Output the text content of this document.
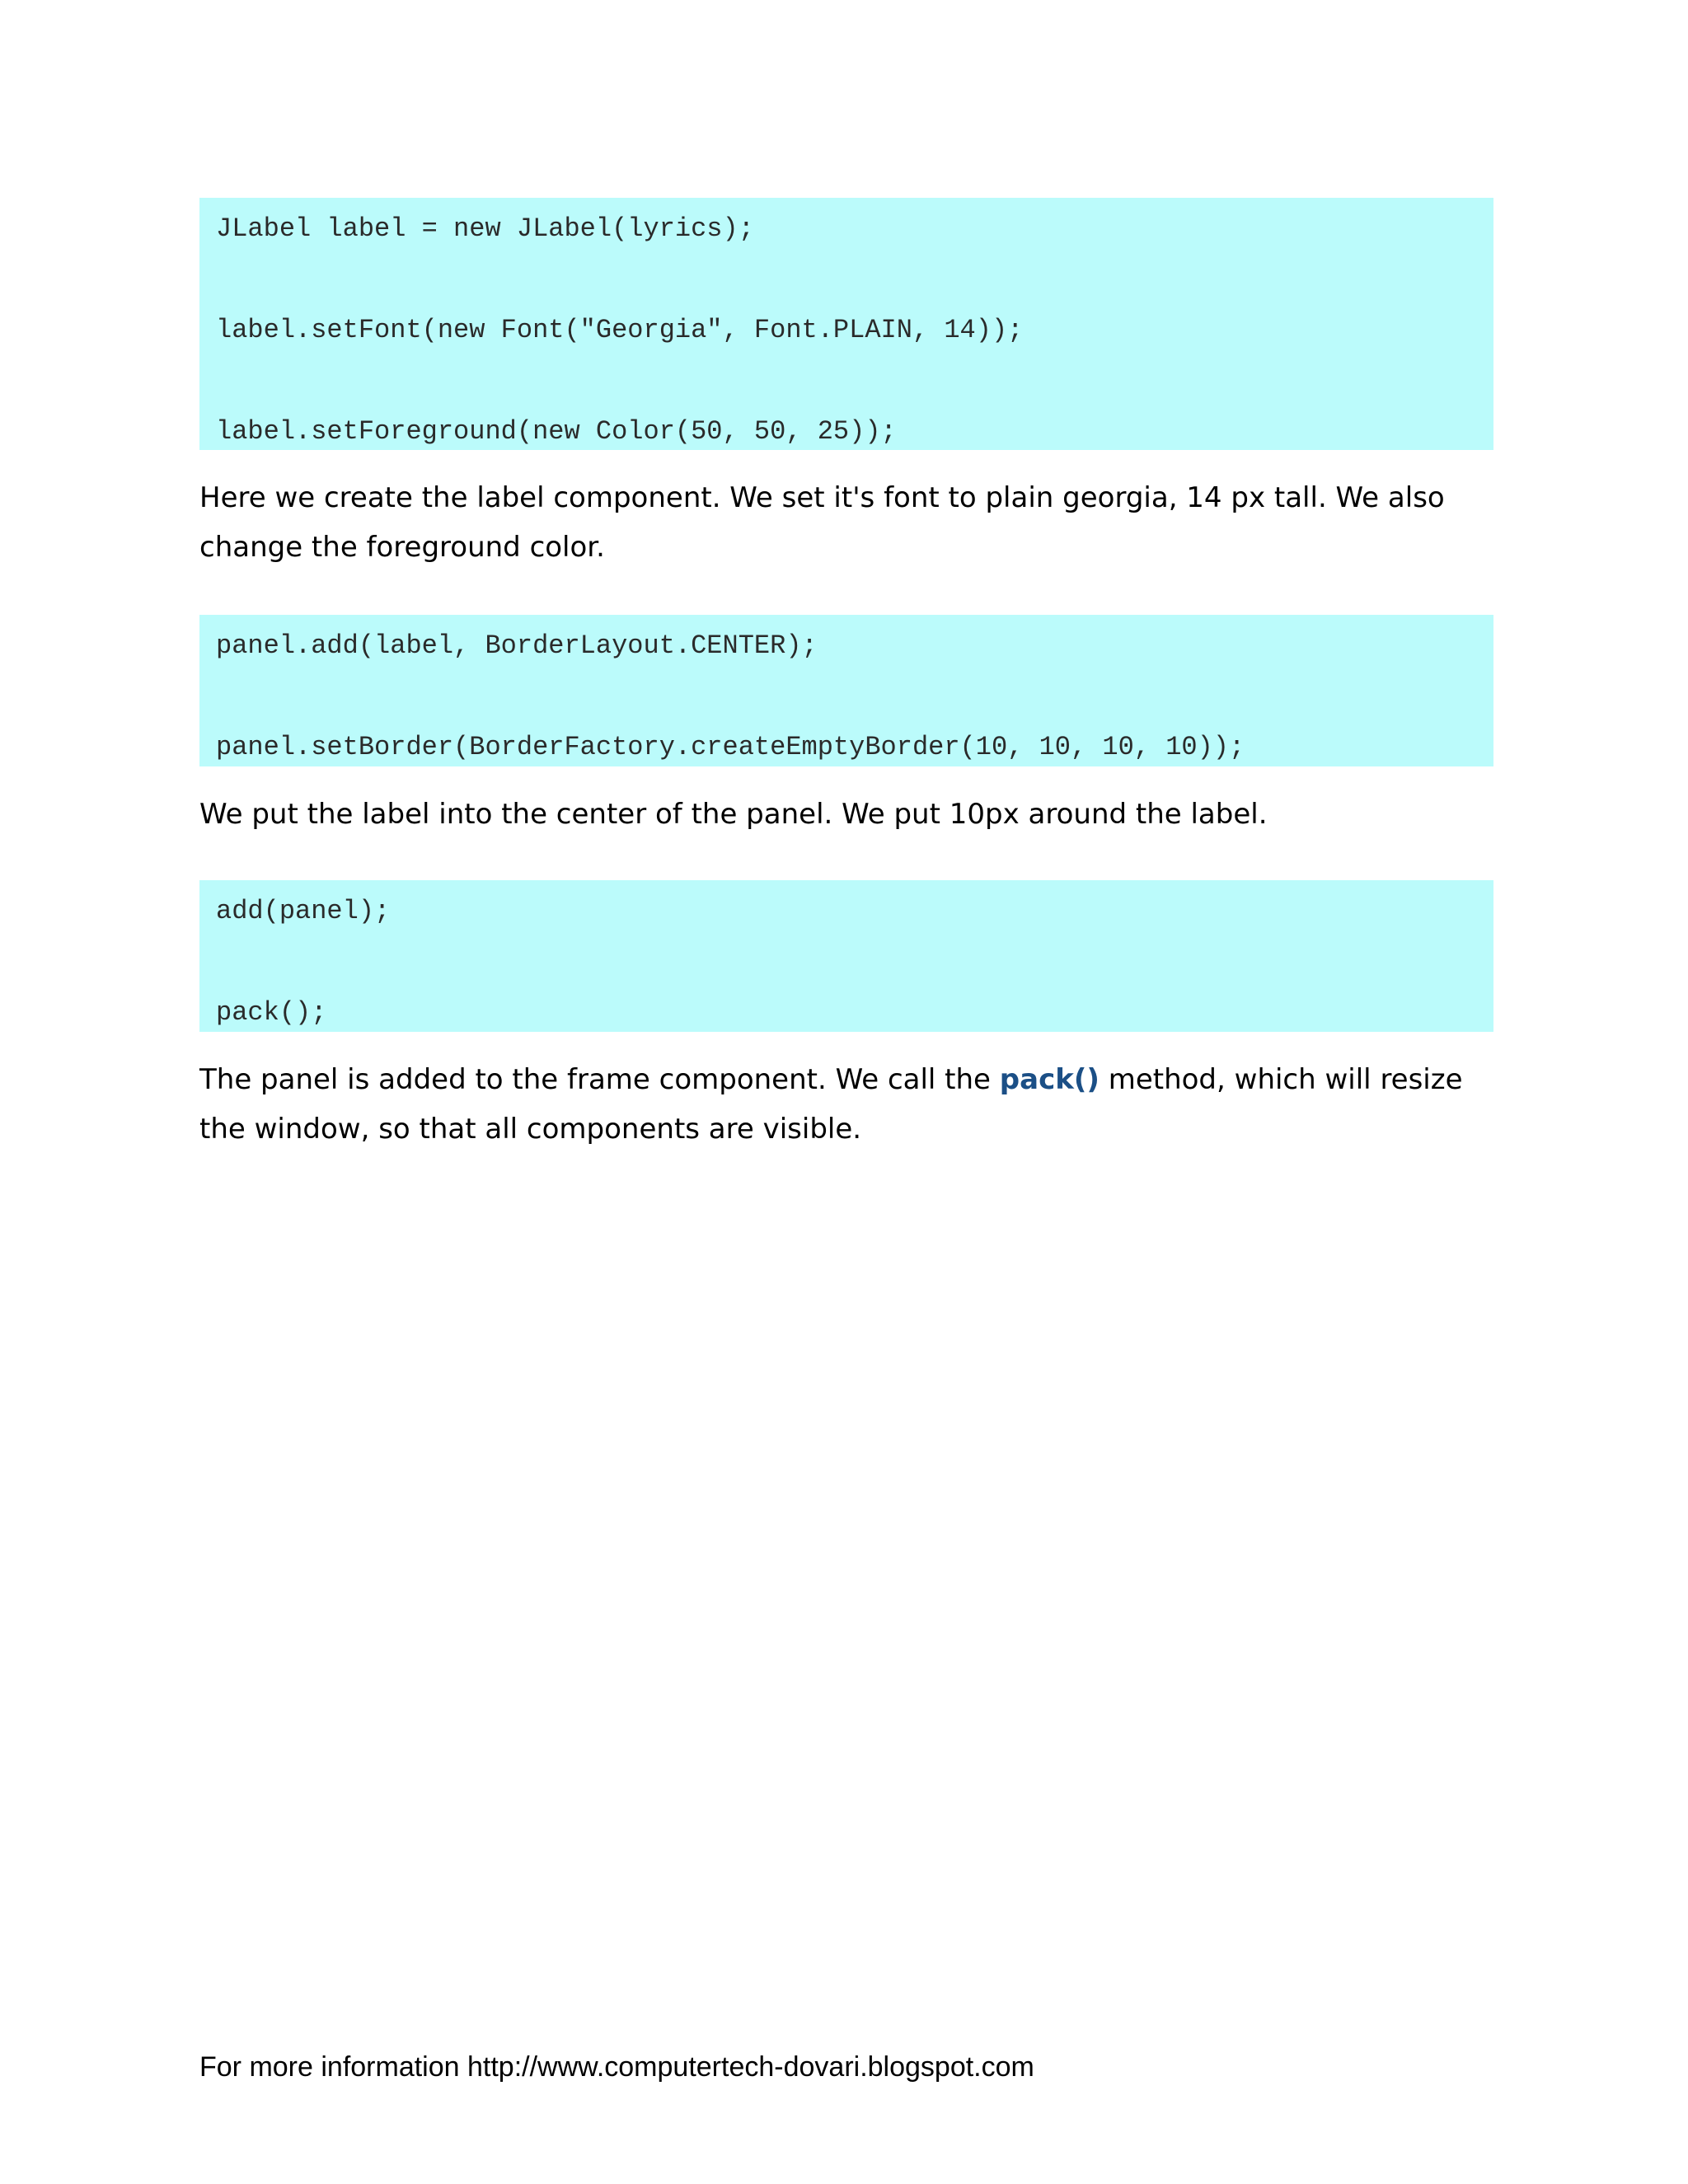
JLabel label = new JLabel(lyrics);
label.setFont(new Font("Georgia", Font.PLAIN, 14));
label.setForeground(new Color(50, 50, 25));

Here we create the label component. We set it's font to plain georgia, 14 px tall. We also change the foreground color.

panel.add(label, BorderLayout.CENTER);
panel.setBorder(BorderFactory.createEmptyBorder(10, 10, 10, 10));

We put the label into the center of the panel. We put 10px around the label.

add(panel);
pack();

The panel is added to the frame component. We call the pack() method, which will resize the window, so that all components are visible.

For more information http://www.computertech-dovari.blogspot.com
